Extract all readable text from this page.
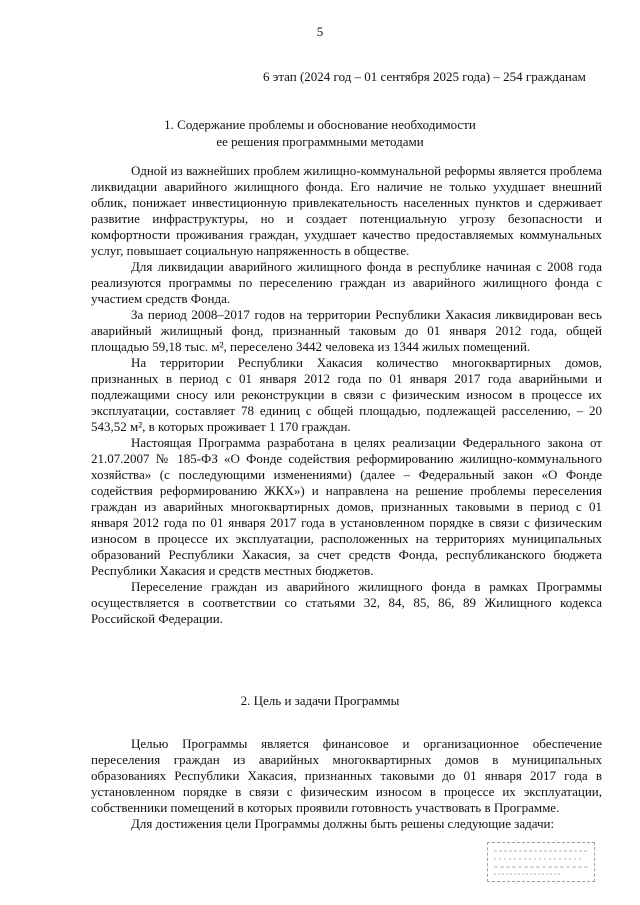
5
6 этап (2024 год – 01 сентября 2025 года) – 254 гражданам
1. Содержание проблемы и обоснование необходимости
ее решения программными методами

Одной из важнейших проблем жилищно-коммунальной реформы является проблема ликвидации аварийного жилищного фонда. Его наличие не только ухудшает внешний облик, понижает инвестиционную привлекательность населенных пунктов и сдерживает развитие инфраструктуры, но и создает потенциальную угрозу безопасности и комфортности проживания граждан, ухудшает качество предоставляемых коммунальных услуг, повышает социальную напряженность в обществе.

Для ликвидации аварийного жилищного фонда в республике начиная с 2008 года реализуются программы по переселению граждан из аварийного жилищного фонда с участием средств Фонда.

За период 2008–2017 годов на территории Республики Хакасия ликвидирован весь аварийный жилищный фонд, признанный таковым до 01 января 2012 года, общей площадью 59,18 тыс. м², переселено 3442 человека из 1344 жилых помещений.

На территории Республики Хакасия количество многоквартирных домов, признанных в период с 01 января 2012 года по 01 января 2017 года аварийными и подлежащими сносу или реконструкции в связи с физическим износом в процессе их эксплуатации, составляет 78 единиц с общей площадью, подлежащей расселению, – 20 543,52 м², в которых проживает 1 170 граждан.

Настоящая Программа разработана в целях реализации Федерального закона от 21.07.2007 № 185-ФЗ «О Фонде содействия реформированию жилищно-коммунального хозяйства» (с последующими изменениями) (далее – Федеральный закон «О Фонде содействия реформированию ЖКХ») и направлена на решение проблемы переселения граждан из аварийных многоквартирных домов, признанных таковыми в период с 01 января 2012 года по 01 января 2017 года в установленном порядке в связи с физическим износом в процессе их эксплуатации, расположенных на территориях муниципальных образований Республики Хакасия, за счет средств Фонда, республиканского бюджета Республики Хакасия и средств местных бюджетов.

Переселение граждан из аварийного жилищного фонда в рамках Программы осуществляется в соответствии со статьями 32, 84, 85, 86, 89 Жилищного кодекса Российской Федерации.

2. Цель и задачи Программы

Целью Программы является финансовое и организационное обеспечение переселения граждан из аварийных многоквартирных домов в муниципальных образованиях Республики Хакасия, признанных таковыми до 01 января 2017 года в установленном порядке в связи с физическим износом в процессе их эксплуатации, собственники помещений в которых проявили готовность участвовать в Программе.

Для достижения цели Программы должны быть решены следующие задачи:
